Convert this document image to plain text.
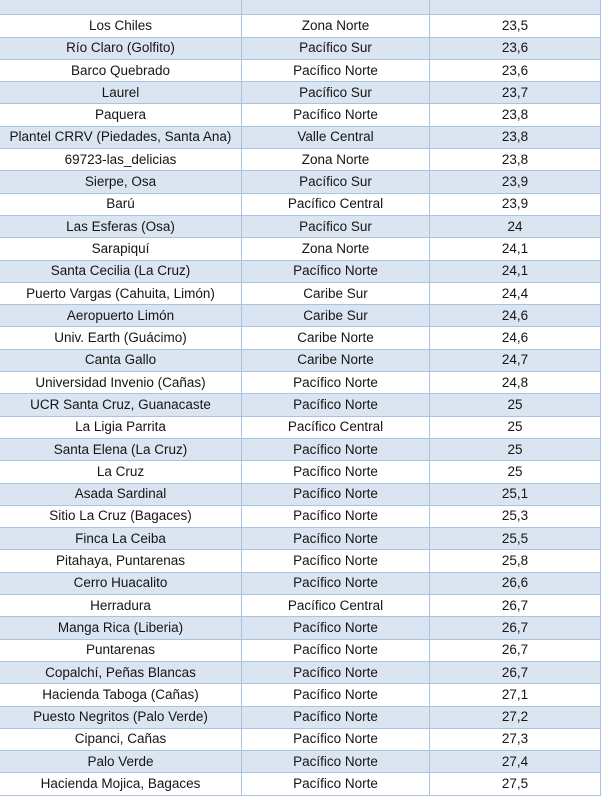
Los Chiles	Zona Norte	23,5
Río Claro (Golfito)	Pacífico Sur	23,6
Barco Quebrado	Pacífico Norte	23,6
Laurel	Pacífico Sur	23,7
Paquera	Pacífico Norte	23,8
Plantel CRRV (Piedades, Santa Ana)	Valle Central	23,8
69723-las_delicias	Zona Norte	23,8
Sierpe, Osa	Pacífico Sur	23,9
Barú	Pacífico Central	23,9
Las Esferas (Osa)	Pacífico Sur	24
Sarapiquí	Zona Norte	24,1
Santa Cecilia (La Cruz)	Pacífico Norte	24,1
Puerto Vargas (Cahuita, Limón)	Caribe Sur	24,4
Aeropuerto Limón	Caribe Sur	24,6
Univ. Earth (Guácimo)	Caribe Norte	24,6
Canta Gallo	Caribe Norte	24,7
Universidad Invenio (Cañas)	Pacífico Norte	24,8
UCR Santa Cruz, Guanacaste	Pacífico Norte	25
La Ligia Parrita	Pacífico Central	25
Santa Elena (La Cruz)	Pacífico Norte	25
La Cruz	Pacífico Norte	25
Asada Sardinal	Pacífico Norte	25,1
Sitio La Cruz (Bagaces)	Pacífico Norte	25,3
Finca La Ceiba	Pacífico Norte	25,5
Pitahaya, Puntarenas	Pacífico Norte	25,8
Cerro Huacalito	Pacífico Norte	26,6
Herradura	Pacífico Central	26,7
Manga Rica (Liberia)	Pacífico Norte	26,7
Puntarenas	Pacífico Norte	26,7
Copalchí, Peñas Blancas	Pacífico Norte	26,7
Hacienda Taboga (Cañas)	Pacífico Norte	27,1
Puesto Negritos (Palo Verde)	Pacífico Norte	27,2
Cipanci, Cañas	Pacífico Norte	27,3
Palo Verde	Pacífico Norte	27,4
Hacienda Mojica, Bagaces	Pacífico Norte	27,5
